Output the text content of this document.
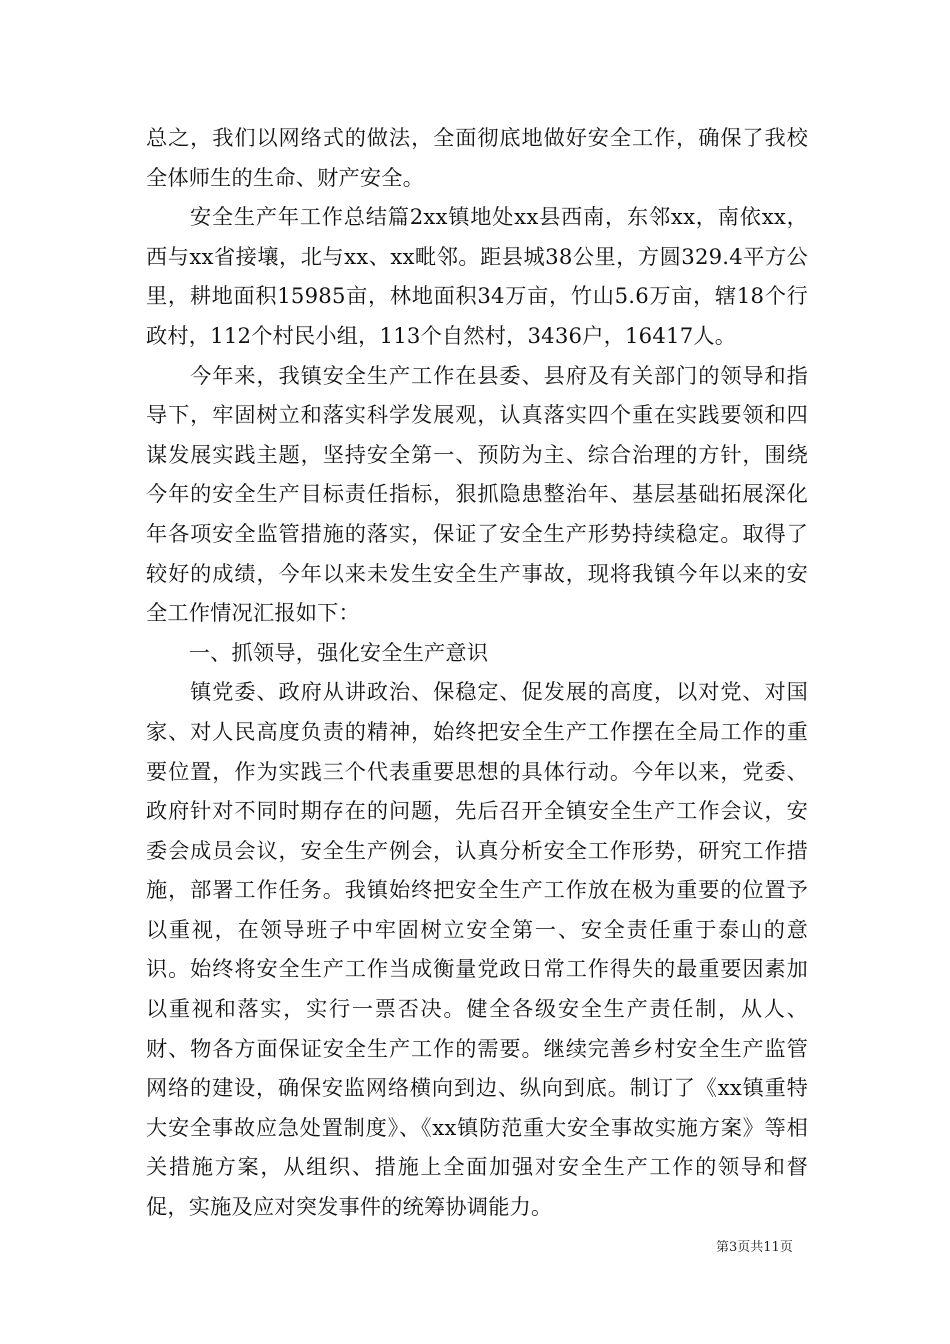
总之，我们以网络式的做法，全面彻底地做好安全工作，确保了我校全体师生的生命、财产安全。

　　安全生产年工作总结篇2xx镇地处xx县西南，东邻xx，南依xx，西与xx省接壤，北与xx、xx毗邻。距县城38公里，方圆329.4平方公里，耕地面积15985亩，林地面积34万亩，竹山5.6万亩，辖18个行政村，112个村民小组，113个自然村，3436户，16417人。

　　今年来，我镇安全生产工作在县委、县府及有关部门的领导和指导下，牢固树立和落实科学发展观，认真落实四个重在实践要领和四谋发展实践主题，坚持安全第一、预防为主、综合治理的方针，围绕今年的安全生产目标责任指标，狠抓隐患整治年、基层基础拓展深化年各项安全监管措施的落实，保证了安全生产形势持续稳定。取得了较好的成绩，今年以来未发生安全生产事故，现将我镇今年以来的安全工作情况汇报如下：

　　一、抓领导，强化安全生产意识

　　镇党委、政府从讲政治、保稳定、促发展的高度，以对党、对国家、对人民高度负责的精神，始终把安全生产工作摆在全局工作的重要位置，作为实践三个代表重要思想的具体行动。今年以来，党委、政府针对不同时期存在的问题，先后召开全镇安全生产工作会议，安委会成员会议，安全生产例会，认真分析安全工作形势，研究工作措施，部署工作任务。我镇始终把安全生产工作放在极为重要的位置予以重视，在领导班子中牢固树立安全第一、安全责任重于泰山的意识。始终将安全生产工作当成衡量党政日常工作得失的最重要因素加以重视和落实，实行一票否决。健全各级安全生产责任制，从人、财、物各方面保证安全生产工作的需要。继续完善乡村安全生产监管网络的建设，确保安监网络横向到边、纵向到底。制订了《xx镇重特大安全事故应急处置制度》、《xx镇防范重大安全事故实施方案》等相关措施方案，从组织、措施上全面加强对安全生产工作的领导和督促，实施及应对突发事件的统筹协调能力。

第3页共11页
